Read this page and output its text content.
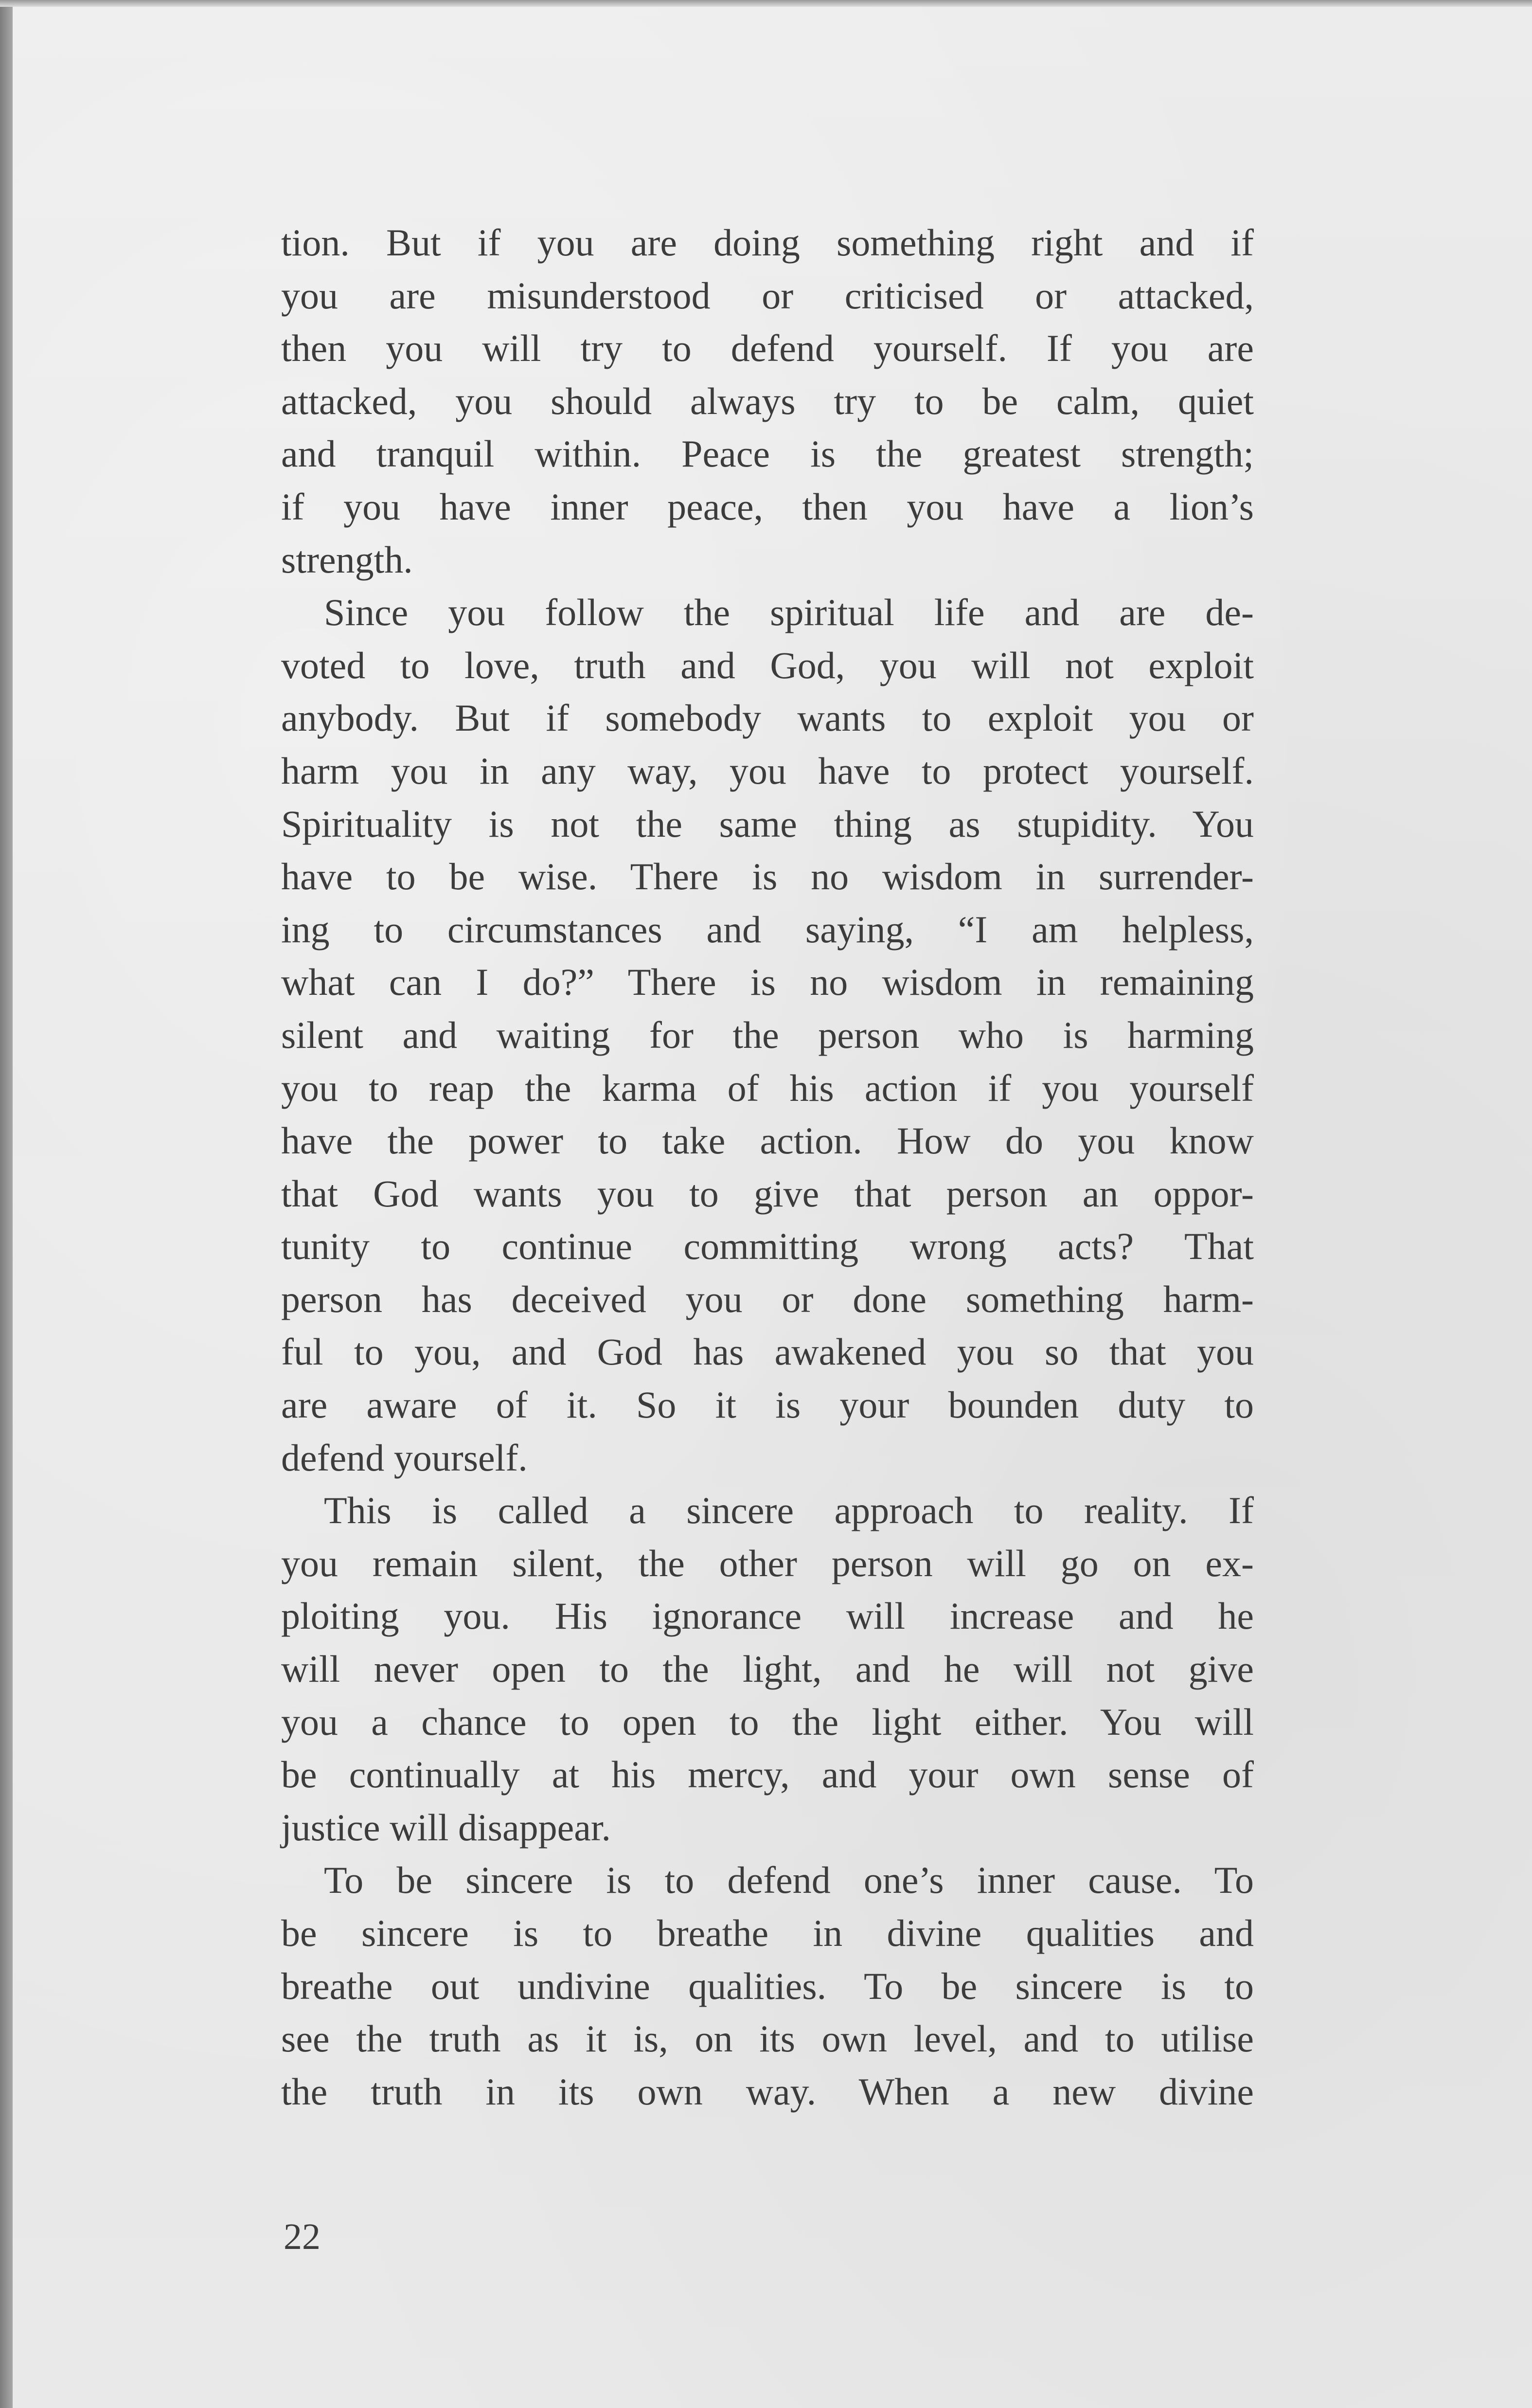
tion. But if you are doing something right and if
you are misunderstood or criticised or attacked,
then you will try to defend yourself. If you are
attacked, you should always try to be calm, quiet
and tranquil within. Peace is the greatest strength;
if you have inner peace, then you have a lion’s
strength.
Since you follow the spiritual life and are de-
voted to love, truth and God, you will not exploit
anybody. But if somebody wants to exploit you or
harm you in any way, you have to protect yourself.
Spirituality is not the same thing as stupidity. You
have to be wise. There is no wisdom in surrender-
ing to circumstances and saying, “I am helpless,
what can I do?” There is no wisdom in remaining
silent and waiting for the person who is harming
you to reap the karma of his action if you yourself
have the power to take action. How do you know
that God wants you to give that person an oppor-
tunity to continue committing wrong acts? That
person has deceived you or done something harm-
ful to you, and God has awakened you so that you
are aware of it. So it is your bounden duty to
defend yourself.
This is called a sincere approach to reality. If
you remain silent, the other person will go on ex-
ploiting you. His ignorance will increase and he
will never open to the light, and he will not give
you a chance to open to the light either. You will
be continually at his mercy, and your own sense of
justice will disappear.
To be sincere is to defend one’s inner cause. To
be sincere is to breathe in divine qualities and
breathe out undivine qualities. To be sincere is to
see the truth as it is, on its own level, and to utilise
the truth in its own way. When a new divine
22
